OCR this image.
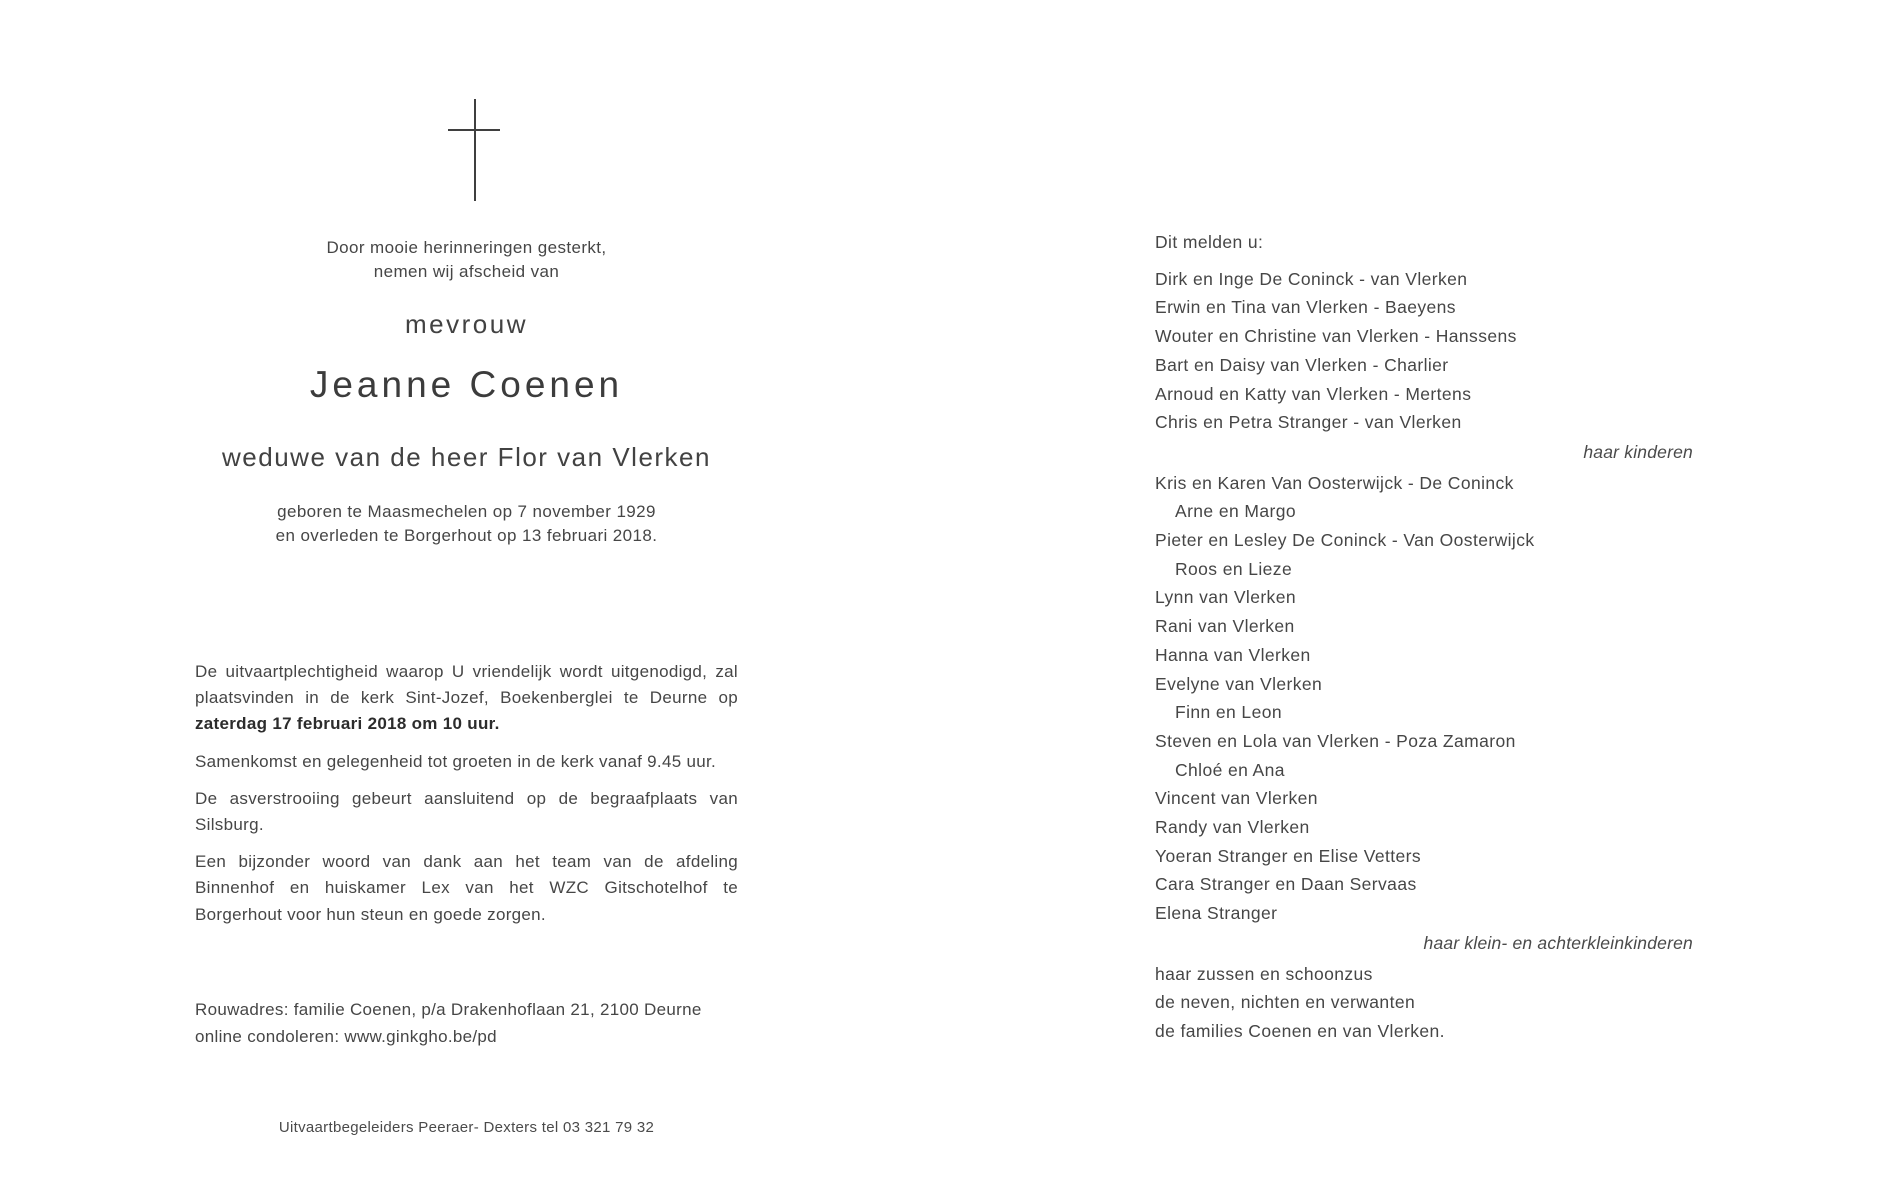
Door mooie herinneringen gesterkt,
nemen wij afscheid van
mevrouw
Jeanne Coenen
weduwe van de heer Flor van Vlerken
geboren te Maasmechelen op 7 november 1929
en overleden te Borgerhout op 13 februari 2018.
De uitvaartplechtigheid waarop U vriendelijk wordt uitgenodigd, zal plaatsvinden in de kerk Sint-Jozef, Boekenberglei te Deurne op zaterdag 17 februari 2018 om 10 uur.
Samenkomst en gelegenheid tot groeten in de kerk vanaf 9.45 uur.
De asverstrooiing gebeurt aansluitend op de begraafplaats van Silsburg.
Een bijzonder woord van dank aan het team van de afdeling Binnenhof en huiskamer Lex van het WZC Gitschotelhof te Borgerhout voor hun steun en goede zorgen.
Rouwadres: familie Coenen, p/a Drakenhoflaan 21, 2100 Deurne
online condoleren: www.ginkgho.be/pd
Uitvaartbegeleiders Peeraer- Dexters tel 03 321 79 32
Dit melden u:
Dirk en Inge De Coninck - van Vlerken
Erwin en Tina van Vlerken - Baeyens
Wouter en Christine van Vlerken - Hanssens
Bart en Daisy van Vlerken - Charlier
Arnoud en Katty van Vlerken - Mertens
Chris en Petra Stranger - van Vlerken
haar kinderen
Kris en Karen Van Oosterwijck - De Coninck
Arne en Margo
Pieter en Lesley De Coninck - Van Oosterwijck
Roos en Lieze
Lynn van Vlerken
Rani van Vlerken
Hanna van Vlerken
Evelyne van Vlerken
Finn en Leon
Steven en Lola van Vlerken - Poza Zamaron
Chloé en Ana
Vincent van Vlerken
Randy van Vlerken
Yoeran Stranger en Elise Vetters
Cara Stranger en Daan Servaas
Elena Stranger
haar klein- en achterkleinkinderen
haar zussen en schoonzus
de neven, nichten en verwanten
de families Coenen en van Vlerken.
